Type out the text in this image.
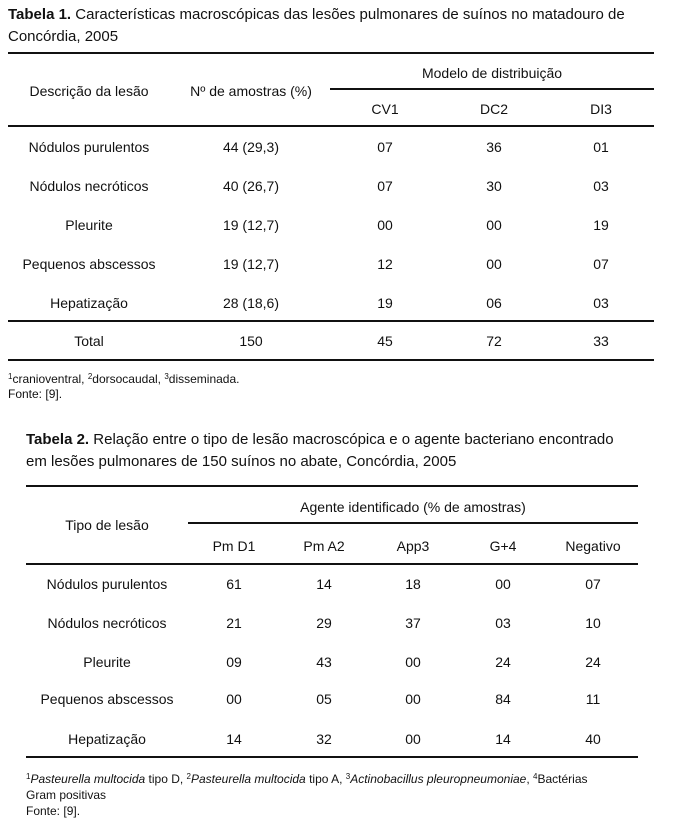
Tabela 1. Características macroscópicas das lesões pulmonares de suínos no matadouro de
Concórdia, 2005
Descrição da lesão	Nº de amostras (%)
Modelo de distribuição
CV1	DC2	DI3
Nódulos purulentos	44 (29,3)	07	36	01
Nódulos necróticos	40 (26,7)	07	30	03
Pleurite	19 (12,7)	00	00	19
Pequenos abscessos	19 (12,7)	12	00	07
Hepatização	28 (18,6)	19	06	03
Total	150	45	72	33
$^1$cranioventral, $^2$dorsocaudal, $^3$disseminada.
Fonte: [9].
Tabela 2. Relação entre o tipo de lesão macroscópica e o agente bacteriano encontrado
em lesões pulmonares de 150 suínos no abate, Concórdia, 2005
Tipo de lesão
Agente identificado (% de amostras)
Pm D1	Pm A2	App3	G+4	Negativo
Nódulos purulentos	61	14	18	00	07
Nódulos necróticos	21	29	37	03	10
Pleurite	09	43	00	24	24
Pequenos abscessos	00	05	00	84	11
Hepatização	14	32	00	14	40
$^1$Pasteurella multocida tipo D, $^2$Pasteurella multocida tipo A, $^3$Actinobacillus pleuropneumoniae, $^4$Bactérias
Gram positivas
Fonte: [9].
